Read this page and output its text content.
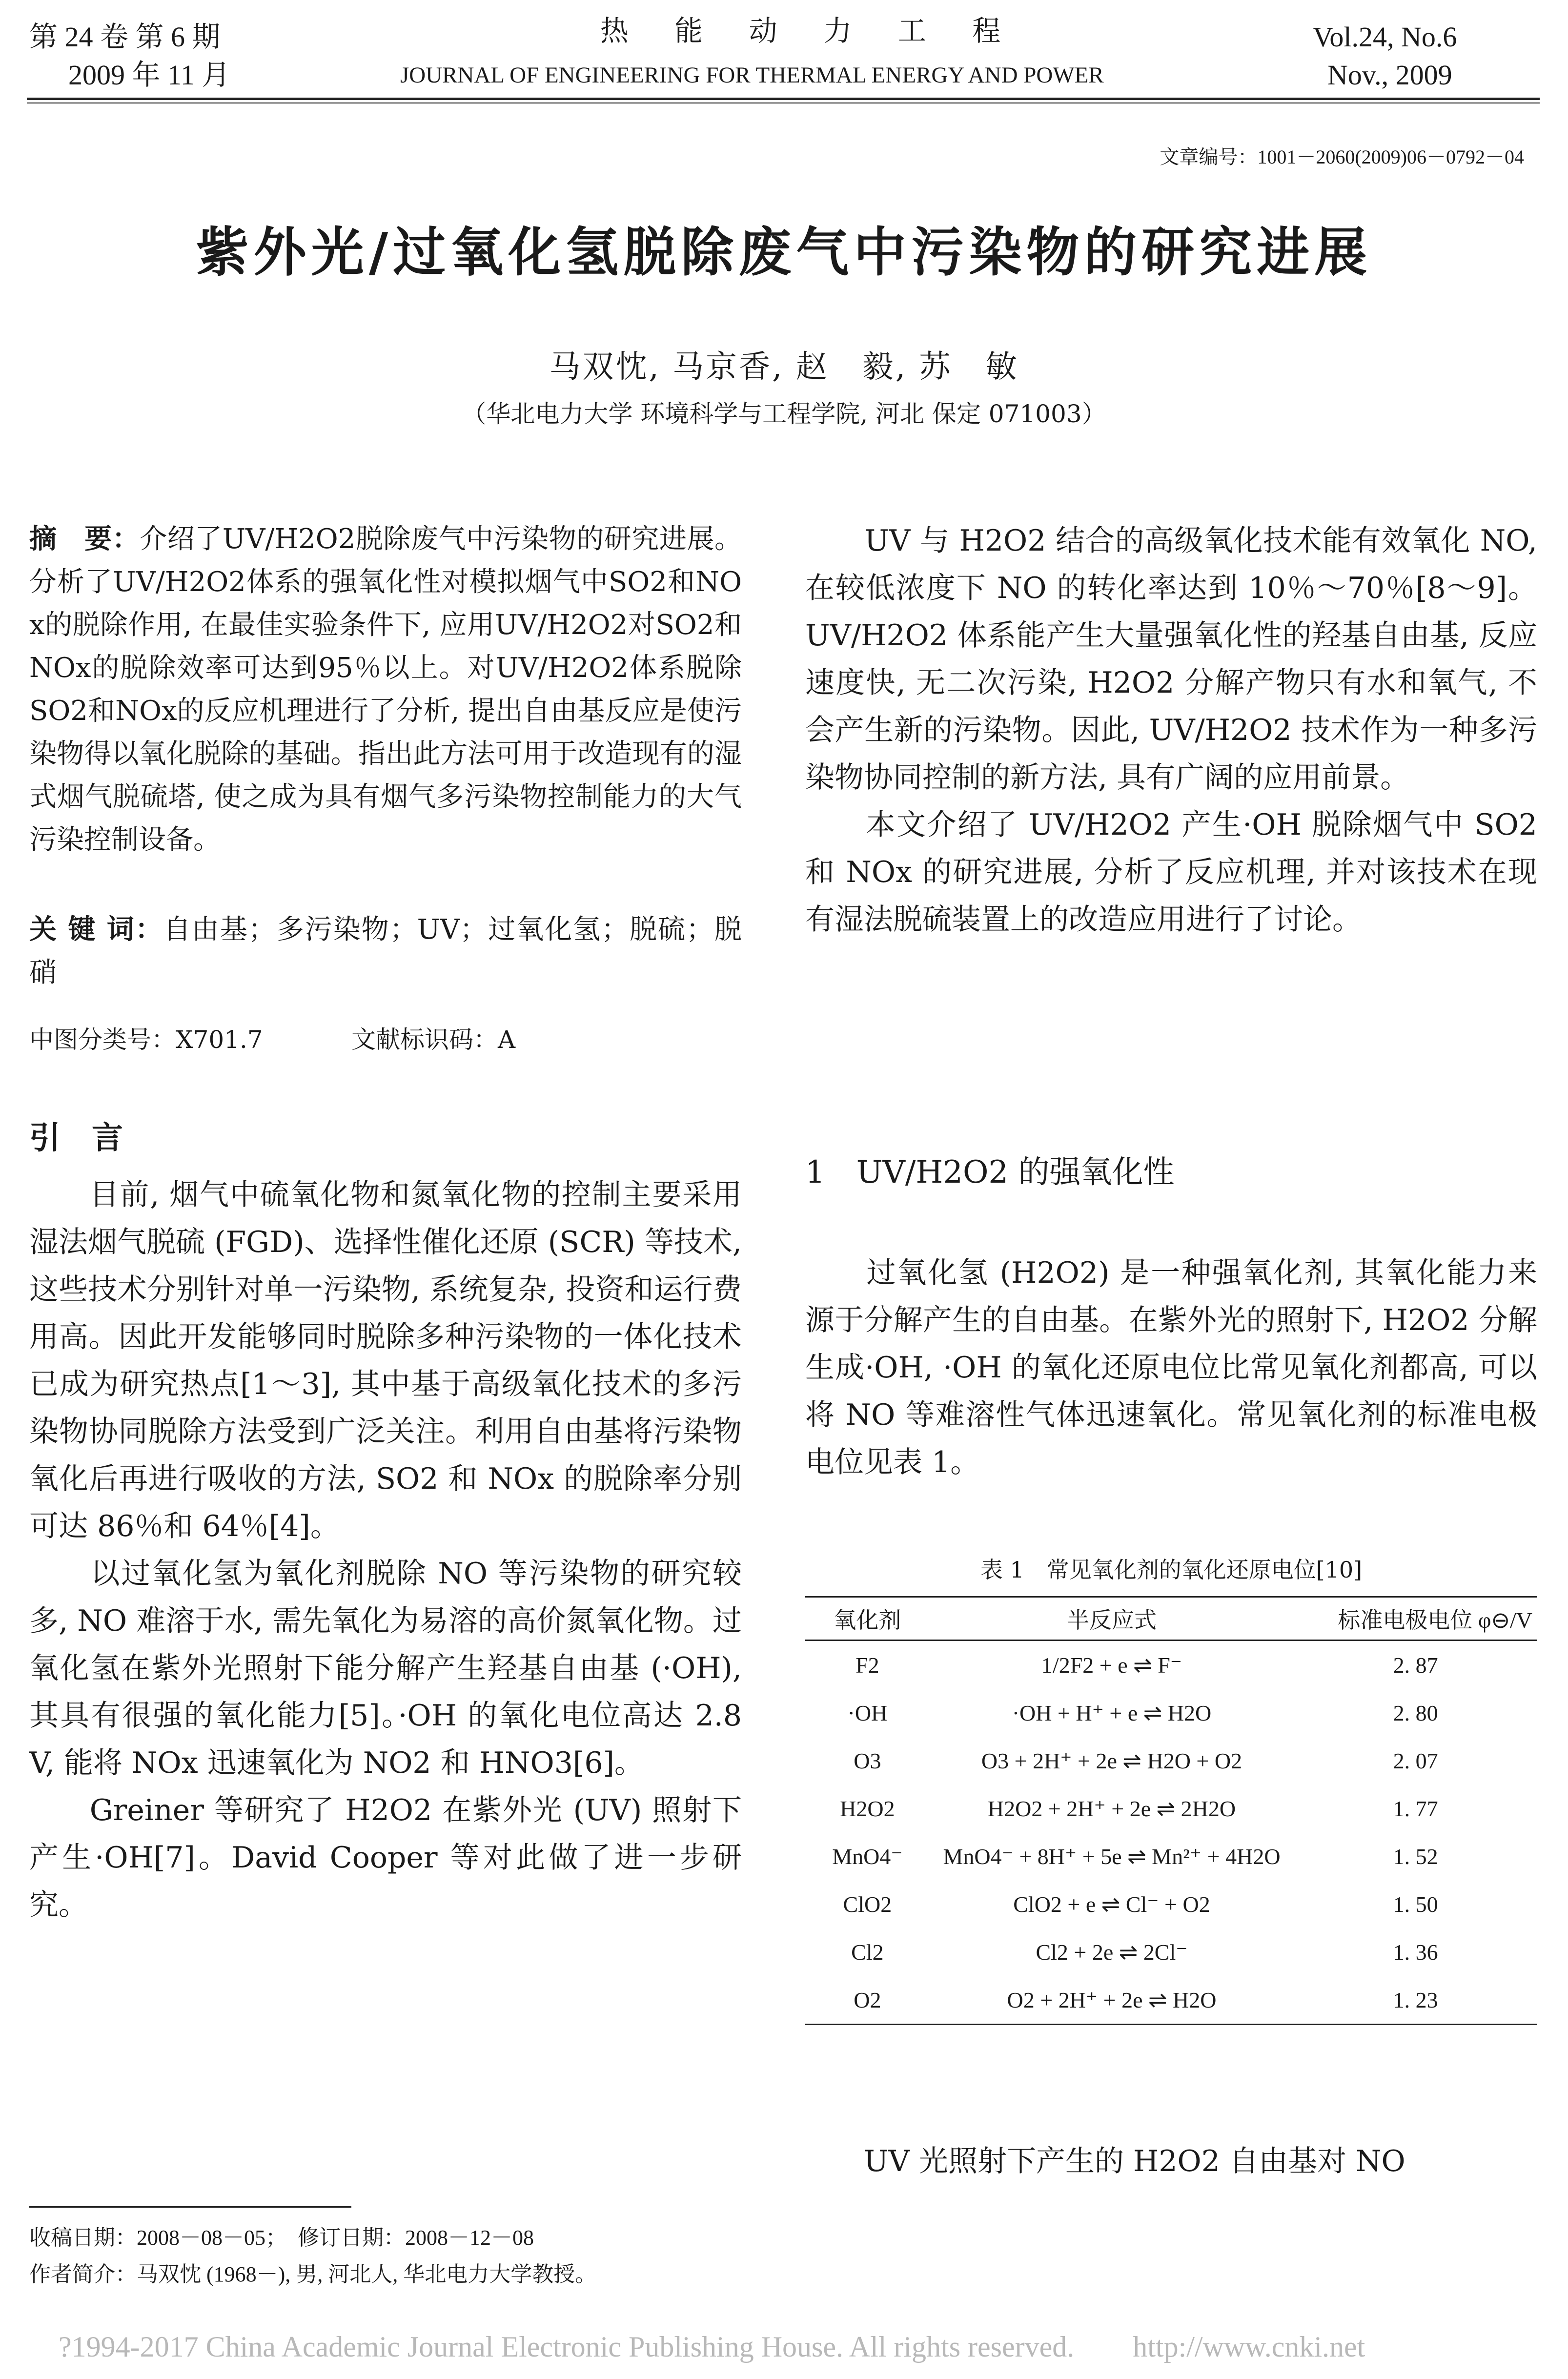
第 24 卷 第 6 期
2009 年 11 月
热 能 动 力 工 程
JOURNAL OF ENGINEERING FOR THERMAL ENERGY AND POWER
Vol.24, No.6
Nov., 2009
文章编号：1001－2060(2009)06－0792－04
紫外光/过氧化氢脱除废气中污染物的研究进展
马双忱, 马京香, 赵　毅, 苏　敏
（华北电力大学 环境科学与工程学院, 河北 保定 071003）
摘　要：介绍了UV/H2O2脱除废气中污染物的研究进展。分析了UV/H2O2体系的强氧化性对模拟烟气中SO2和NOx的脱除作用, 在最佳实验条件下, 应用UV/H2O2对SO2和NOx的脱除效率可达到95％以上。对UV/H2O2体系脱除SO2和NOx的反应机理进行了分析, 提出自由基反应是使污染物得以氧化脱除的基础。指出此方法可用于改造现有的湿式烟气脱硫塔, 使之成为具有烟气多污染物控制能力的大气污染控制设备。
关 键 词：自由基；多污染物；UV；过氧化氢；脱硫；脱硝
中图分类号：X701.7	文献标识码：A
引　言

　　目前, 烟气中硫氧化物和氮氧化物的控制主要采用湿法烟气脱硫 (FGD)、选择性催化还原 (SCR) 等技术, 这些技术分别针对单一污染物, 系统复杂, 投资和运行费用高。因此开发能够同时脱除多种污染物的一体化技术已成为研究热点[1～3], 其中基于高级氧化技术的多污染物协同脱除方法受到广泛关注。利用自由基将污染物氧化后再进行吸收的方法, SO2 和 NOx 的脱除率分别可达 86％和 64％[4]。

　　以过氧化氢为氧化剂脱除 NO 等污染物的研究较多, NO 难溶于水, 需先氧化为易溶的高价氮氧化物。过氧化氢在紫外光照射下能分解产生羟基自由基 (·OH), 其具有很强的氧化能力[5]。·OH 的氧化电位高达 2.8 V, 能将 NOx 迅速氧化为 NO2 和 HNO3[6]。

　　Greiner 等研究了 H2O2 在紫外光 (UV) 照射下产生·OH[7]。David Cooper 等对此做了进一步研究。

收稿日期：2008－08－05；　修订日期：2008－12－08
作者简介：马双忱 (1968－), 男, 河北人, 华北电力大学教授。

　　UV 与 H2O2 结合的高级氧化技术能有效氧化 NO, 在较低浓度下 NO 的转化率达到 10％～70％[8～9]。UV/H2O2 体系能产生大量强氧化性的羟基自由基, 反应速度快, 无二次污染, H2O2 分解产物只有水和氧气, 不会产生新的污染物。因此, UV/H2O2 技术作为一种多污染物协同控制的新方法, 具有广阔的应用前景。

　　本文介绍了 UV/H2O2 产生·OH 脱除烟气中 SO2 和 NOx 的研究进展, 分析了反应机理, 并对该技术在现有湿法脱硫装置上的改造应用进行了讨论。

1　UV/H2O2 的强氧化性
　　过氧化氢 (H2O2) 是一种强氧化剂, 其氧化能力来源于分解产生的自由基。在紫外光的照射下, H2O2 分解生成·OH, ·OH 的氧化还原电位比常见氧化剂都高, 可以将 NO 等难溶性气体迅速氧化。常见氧化剂的标准电极电位见表 1。
表 1　常见氧化剂的氧化还原电位[10]
氧化剂	半反应式	标准电极电位 φ⊖/V
F2	1/2F2 + e ⇌ F⁻	2. 87
·OH	·OH + H⁺ + e ⇌ H2O	2. 80
O3	O3 + 2H⁺ + 2e ⇌ H2O + O2	2. 07
H2O2	H2O2 + 2H⁺ + 2e ⇌ 2H2O	1. 77
MnO4⁻	MnO4⁻ + 8H⁺ + 5e ⇌ Mn²⁺ + 4H2O	1. 52
ClO2	ClO2 + e ⇌ Cl⁻ + O2	1. 50
Cl2	Cl2 + 2e ⇌ 2Cl⁻	1. 36
O2	O2 + 2H⁺ + 2e ⇌ H2O	1. 23
　　UV 光照射下产生的 H2O2 自由基对 NO
?1994-2017 China Academic Journal Electronic Publishing House. All rights reserved.　　http://www.cnki.net
